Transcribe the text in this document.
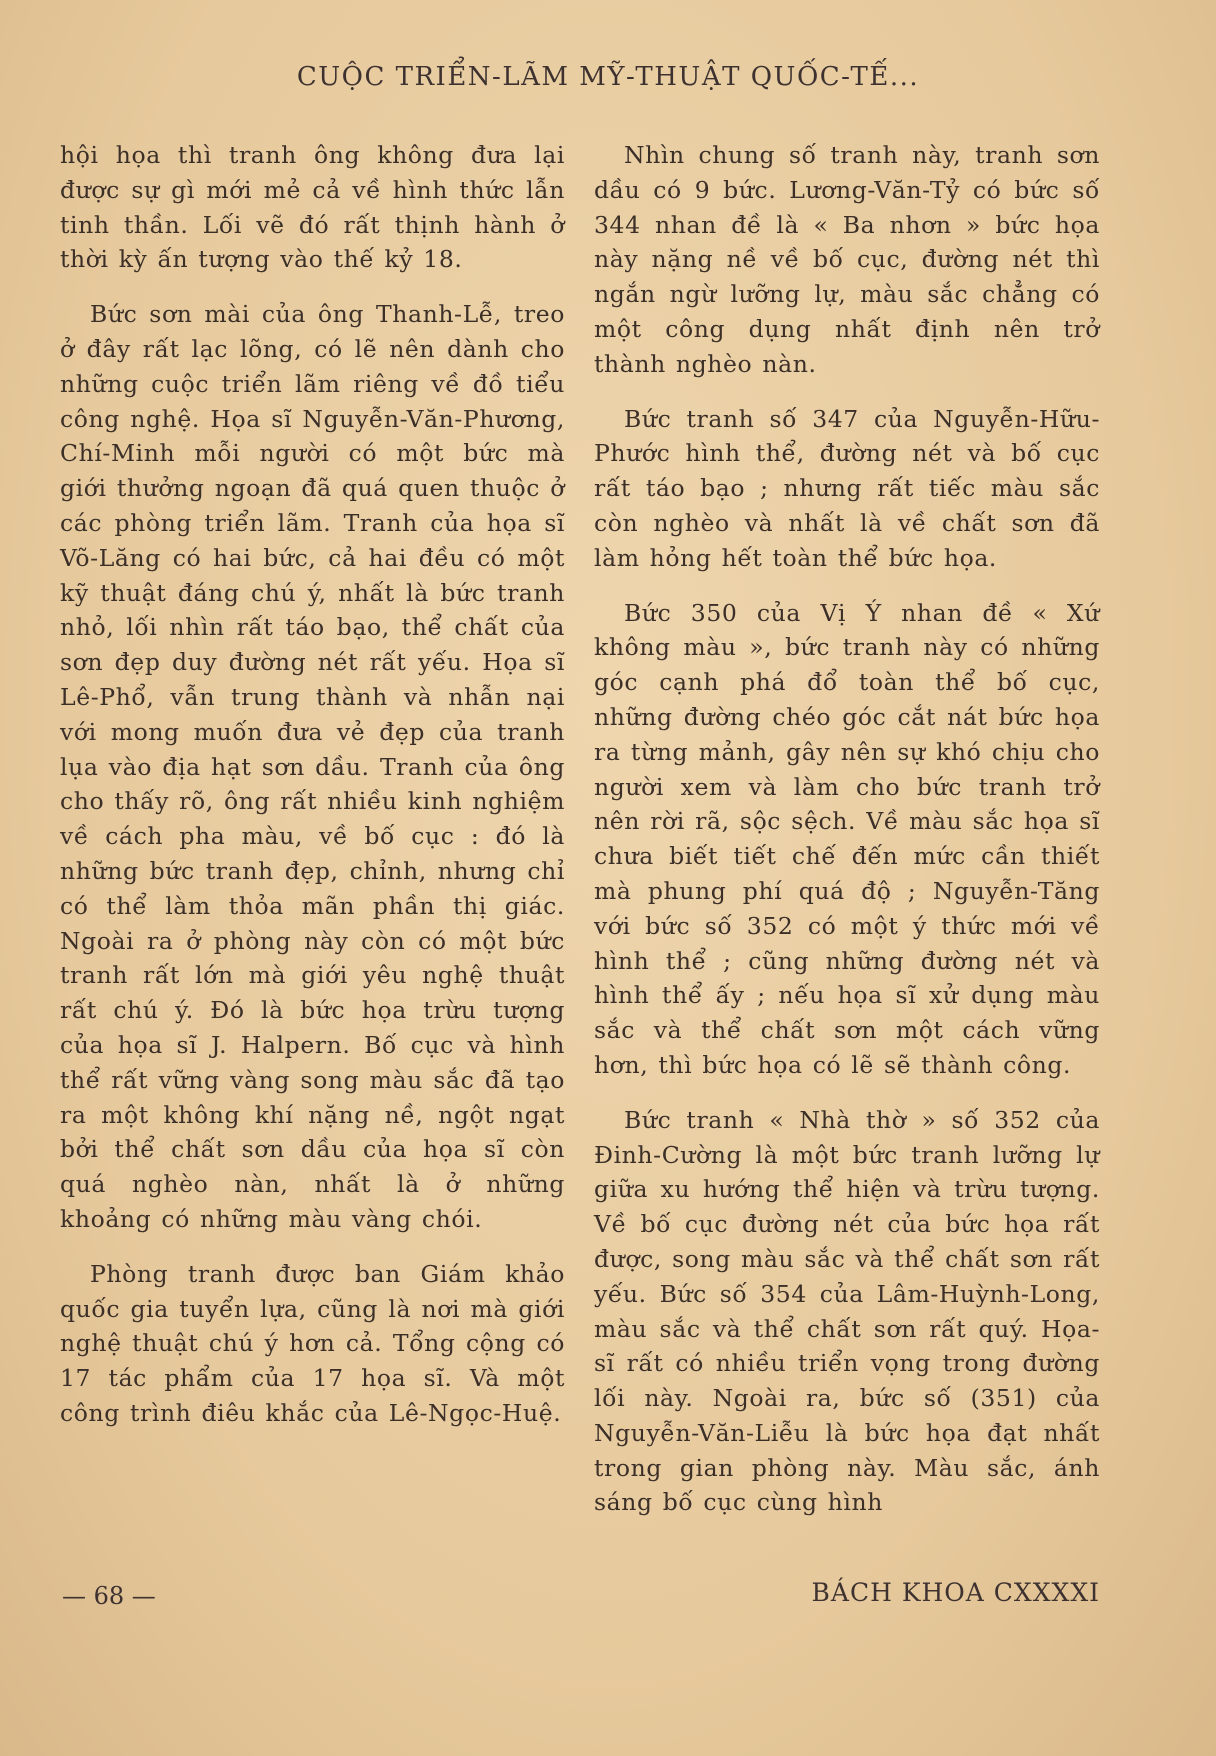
CUỘC TRIỂN-LÃM MỸ-THUẬT QUỐC-TẾ...

hội họa thì tranh ông không đưa lại được sự gì mới mẻ cả về hình thức lẫn tinh thần. Lối vẽ đó rất thịnh hành ở thời kỳ ấn tượng vào thế kỷ 18.

Bức sơn mài của ông Thanh-Lễ, treo ở đây rất lạc lõng, có lẽ nên dành cho những cuộc triển lãm riêng về đồ tiểu công nghệ. Họa sĩ Nguyễn-Văn-Phương, Chí-Minh mỗi người có một bức mà giới thưởng ngoạn đã quá quen thuộc ở các phòng triển lãm. Tranh của họa sĩ Võ-Lăng có hai bức, cả hai đều có một kỹ thuật đáng chú ý, nhất là bức tranh nhỏ, lối nhìn rất táo bạo, thể chất của sơn đẹp duy đường nét rất yếu. Họa sĩ Lê-Phổ, vẫn trung thành và nhẫn nại với mong muốn đưa vẻ đẹp của tranh lụa vào địa hạt sơn dầu. Tranh của ông cho thấy rõ, ông rất nhiều kinh nghiệm về cách pha màu, về bố cục : đó là những bức tranh đẹp, chỉnh, nhưng chỉ có thể làm thỏa mãn phần thị giác. Ngoài ra ở phòng này còn có một bức tranh rất lớn mà giới yêu nghệ thuật rất chú ý. Đó là bức họa trừu tượng của họa sĩ J. Halpern. Bố cục và hình thể rất vững vàng song màu sắc đã tạo ra một không khí nặng nề, ngột ngạt bởi thể chất sơn dầu của họa sĩ còn quá nghèo nàn, nhất là ở những khoảng có những màu vàng chói.

Phòng tranh được ban Giám khảo quốc gia tuyển lựa, cũng là nơi mà giới nghệ thuật chú ý hơn cả. Tổng cộng có 17 tác phẩm của 17 họa sĩ. Và một công trình điêu khắc của Lê-Ngọc-Huệ.

Nhìn chung số tranh này, tranh sơn dầu có 9 bức. Lương-Văn-Tỷ có bức số 344 nhan đề là « Ba nhơn » bức họa này nặng nề về bố cục, đường nét thì ngắn ngừ lưỡng lự, màu sắc chẳng có một công dụng nhất định nên trở thành nghèo nàn.

Bức tranh số 347 của Nguyễn-Hữu-Phước hình thể, đường nét và bố cục rất táo bạo ; nhưng rất tiếc màu sắc còn nghèo và nhất là về chất sơn đã làm hỏng hết toàn thể bức họa.

Bức 350 của Vị Ý nhan đề « Xứ không màu », bức tranh này có những góc cạnh phá đổ toàn thể bố cục, những đường chéo góc cắt nát bức họa ra từng mảnh, gây nên sự khó chịu cho người xem và làm cho bức tranh trở nên rời rã, sộc sệch. Về màu sắc họa sĩ chưa biết tiết chế đến mức cần thiết mà phung phí quá độ ; Nguyễn-Tăng với bức số 352 có một ý thức mới về hình thể ; cũng những đường nét và hình thể ấy ; nếu họa sĩ xử dụng màu sắc và thể chất sơn một cách vững hơn, thì bức họa có lẽ sẽ thành công.

Bức tranh « Nhà thờ » số 352 của Đinh-Cường là một bức tranh lưỡng lự giữa xu hướng thể hiện và trừu tượng. Về bố cục đường nét của bức họa rất được, song màu sắc và thể chất sơn rất yếu. Bức số 354 của Lâm-Huỳnh-Long, màu sắc và thể chất sơn rất quý. Họa-sĩ rất có nhiều triển vọng trong đường lối này. Ngoài ra, bức số (351) của Nguyễn-Văn-Liễu là bức họa đạt nhất trong gian phòng này. Màu sắc, ánh sáng bố cục cùng hình

— 68 —	BÁCH KHOA CXXXXI
